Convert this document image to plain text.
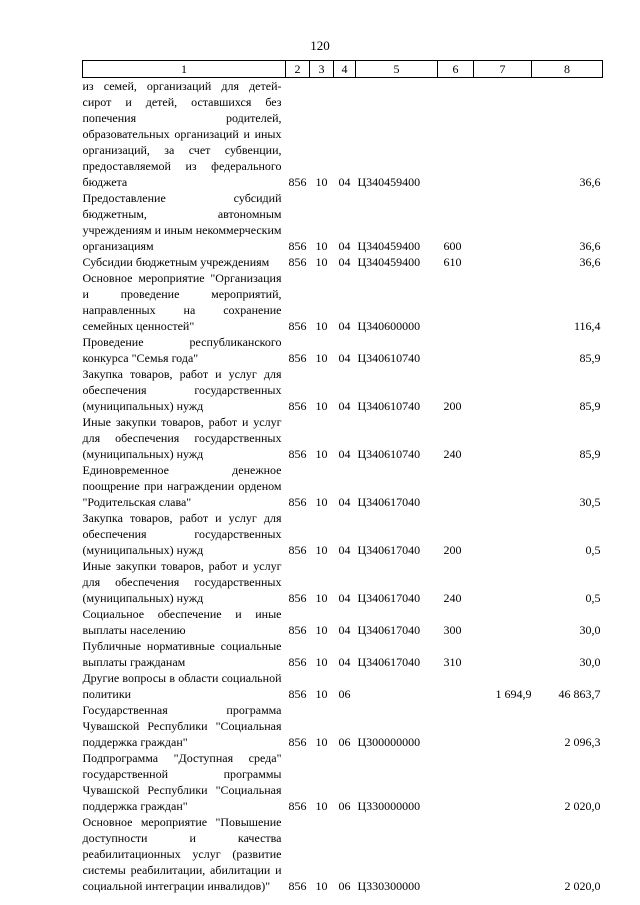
120
1	2	3	4	5	6	7	8
из семей, организаций для детей-сирот и детей, оставшихся без попечения родителей, образовательных организаций и иных организаций, за счет субвенции, предоставляемой из федерального бюджета	856	10	04	Ц340459400			36,6
Предоставление субсидий бюджетным, автономным учреждениям и иным некоммерческим организациям	856	10	04	Ц340459400	600		36,6
Субсидии бюджетным учреждениям	856	10	04	Ц340459400	610		36,6
Основное мероприятие "Организация и проведение мероприятий, направленных на сохранение семейных ценностей"	856	10	04	Ц340600000			116,4
Проведение республиканского конкурса "Семья года"	856	10	04	Ц340610740			85,9
Закупка товаров, работ и услуг для обеспечения государственных (муниципальных) нужд	856	10	04	Ц340610740	200		85,9
Иные закупки товаров, работ и услуг для обеспечения государственных (муниципальных) нужд	856	10	04	Ц340610740	240		85,9
Единовременное денежное поощрение при награждении орденом "Родительская слава"	856	10	04	Ц340617040			30,5
Закупка товаров, работ и услуг для обеспечения государственных (муниципальных) нужд	856	10	04	Ц340617040	200		0,5
Иные закупки товаров, работ и услуг для обеспечения государственных (муниципальных) нужд	856	10	04	Ц340617040	240		0,5
Социальное обеспечение и иные выплаты населению	856	10	04	Ц340617040	300		30,0
Публичные нормативные социальные выплаты гражданам	856	10	04	Ц340617040	310		30,0
Другие вопросы в области социальной политики	856	10	06			1 694,9	46 863,7
Государственная программа Чувашской Республики "Социальная поддержка граждан"	856	10	06	Ц300000000			2 096,3
Подпрограмма "Доступная среда" государственной программы Чувашской Республики "Социальная поддержка граждан"	856	10	06	Ц330000000			2 020,0
Основное мероприятие "Повышение доступности и качества реабилитационных услуг (развитие системы реабилитации, абилитации и социальной интеграции инвалидов)"	856	10	06	Ц330300000			2 020,0
